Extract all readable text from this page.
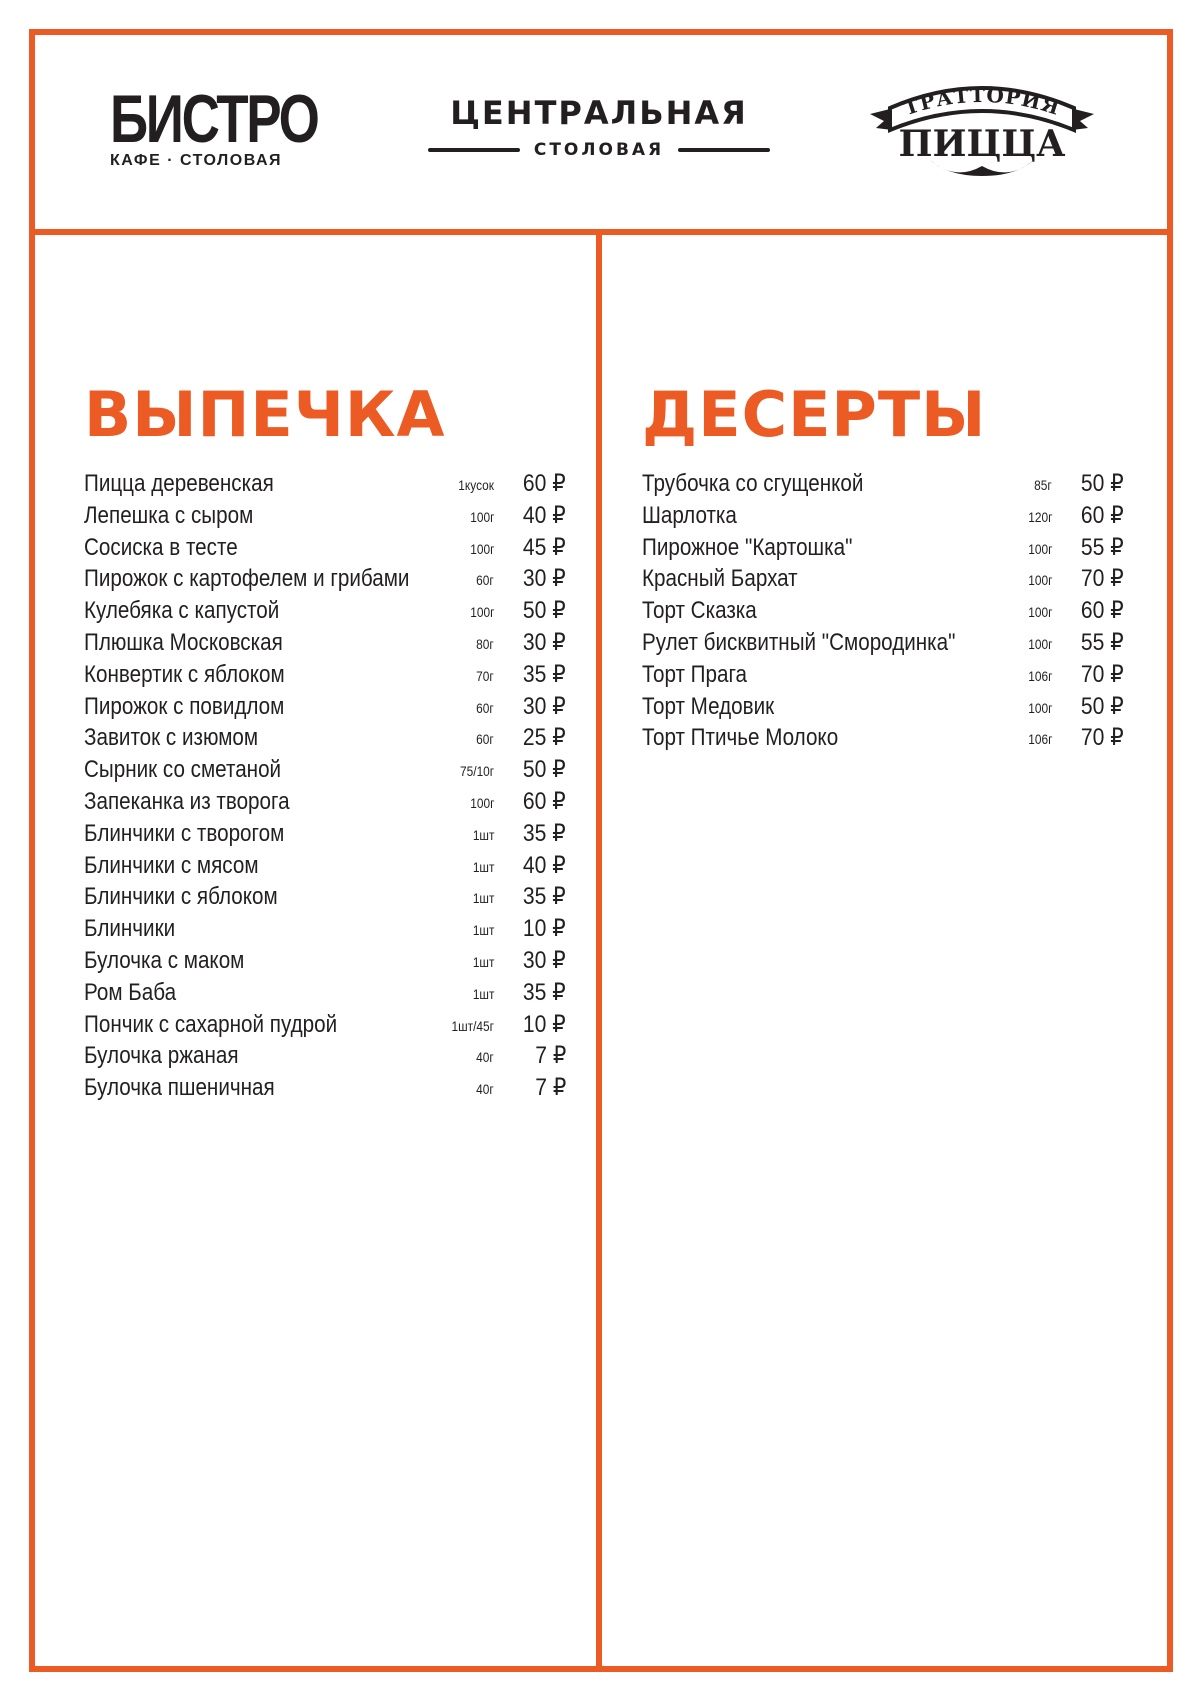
БИСТРО
КАФЕ · СТОЛОВАЯ
ЦЕНТРАЛЬНАЯ
СТОЛОВАЯ
ТРАТТОРИЯ
ПИЦЦА
ВЫПЕЧКА
Пицца деревенская	1кусок 60 ₽
Лепешка с сыром	100г 40 ₽
Сосиска в тесте	100г 45 ₽
Пирожок с картофелем и грибами	60г 30 ₽
Кулебяка с капустой	100г 50 ₽
Плюшка Московская	80г 30 ₽
Конвертик с яблоком	70г 35 ₽
Пирожок с повидлом	60г 30 ₽
Завиток с изюмом	60г 25 ₽
Сырник со сметаной	75/10г 50 ₽
Запеканка из творога	100г 60 ₽
Блинчики с творогом	1шт 35 ₽
Блинчики с мясом	1шт 40 ₽
Блинчики с яблоком	1шт 35 ₽
Блинчики	1шт 10 ₽
Булочка с маком	1шт 30 ₽
Ром Баба	1шт 35 ₽
Пончик с сахарной пудрой	1шт/45г 10 ₽
Булочка ржаная	40г 7 ₽
Булочка пшеничная	40г 7 ₽
ДЕСЕРТЫ
Трубочка со сгущенкой	85г 50 ₽
Шарлотка	120г 60 ₽
Пирожное "Картошка"	100г 55 ₽
Красный Бархат	100г 70 ₽
Торт Сказка	100г 60 ₽
Рулет бисквитный "Смородинка"	100г 55 ₽
Торт Прага	106г 70 ₽
Торт Медовик	100г 50 ₽
Торт Птичье Молоко	106г 70 ₽
